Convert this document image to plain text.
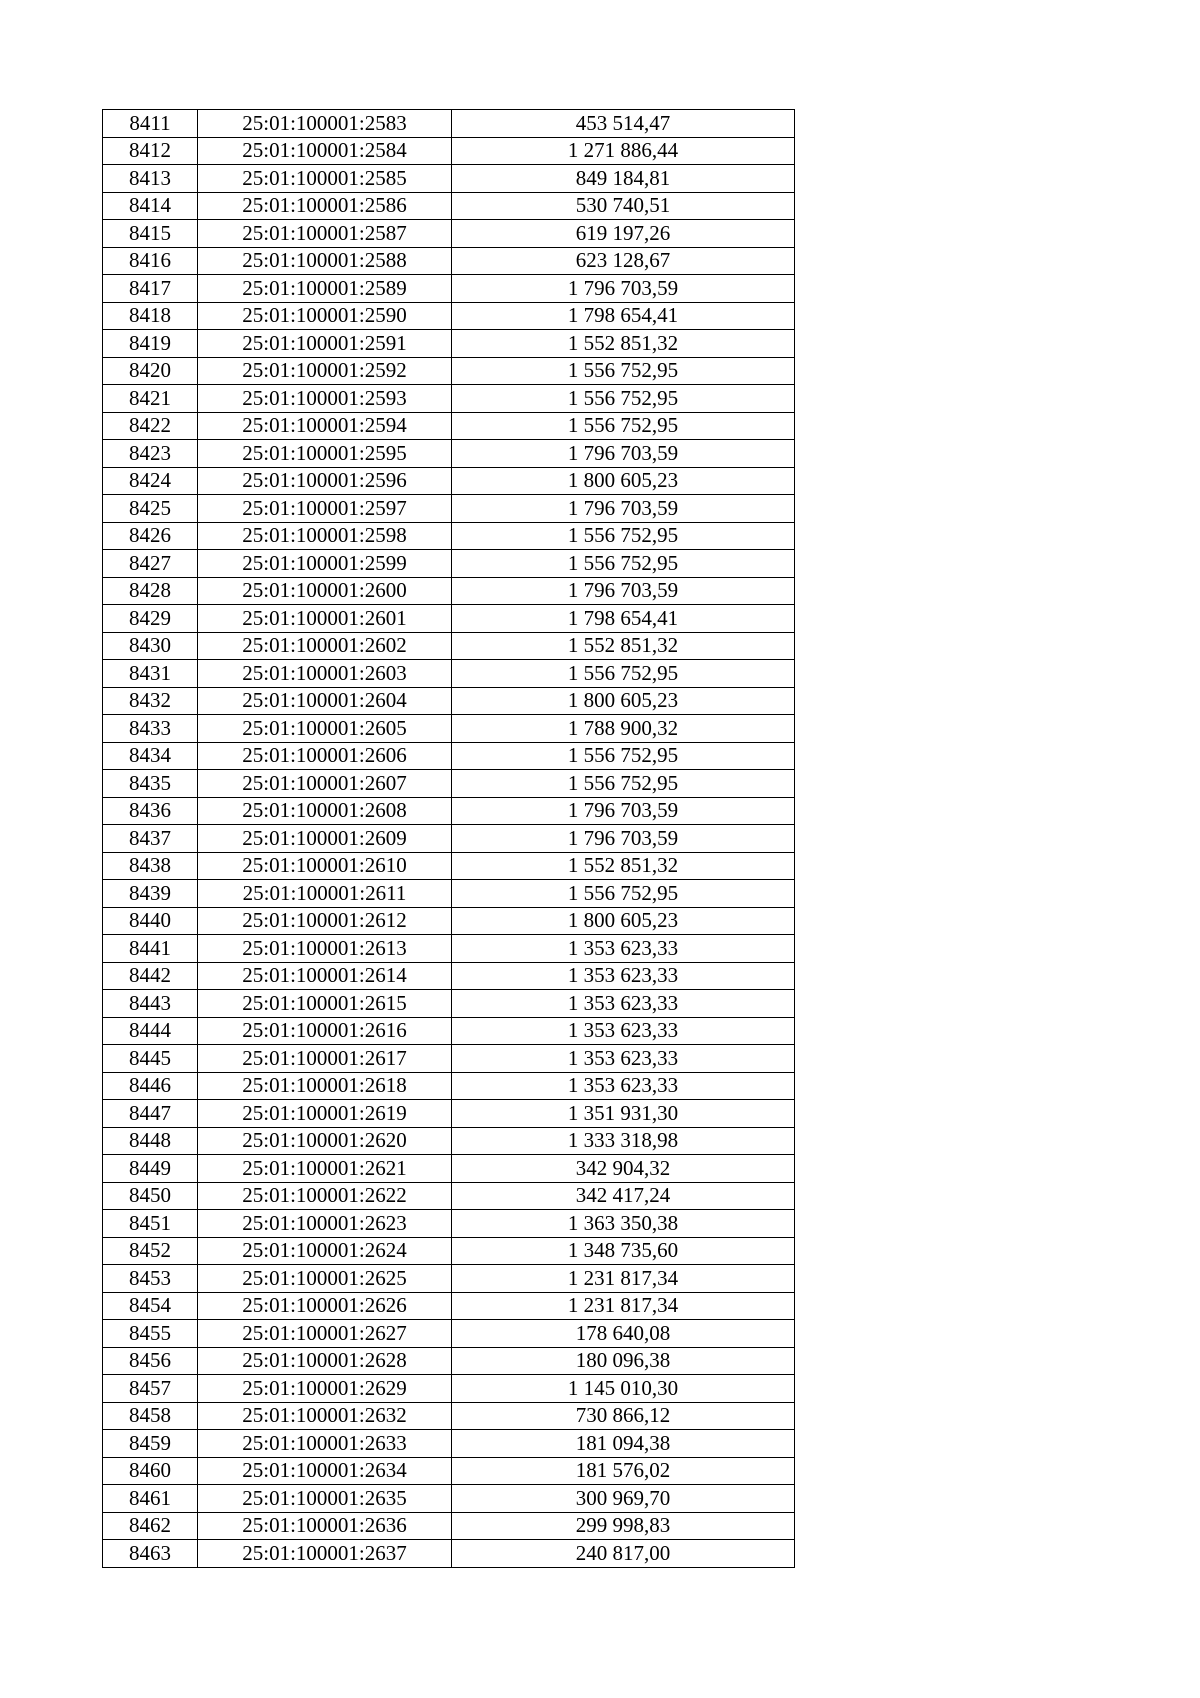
8411	25:01:100001:2583	453 514,47
8412	25:01:100001:2584	1 271 886,44
8413	25:01:100001:2585	849 184,81
8414	25:01:100001:2586	530 740,51
8415	25:01:100001:2587	619 197,26
8416	25:01:100001:2588	623 128,67
8417	25:01:100001:2589	1 796 703,59
8418	25:01:100001:2590	1 798 654,41
8419	25:01:100001:2591	1 552 851,32
8420	25:01:100001:2592	1 556 752,95
8421	25:01:100001:2593	1 556 752,95
8422	25:01:100001:2594	1 556 752,95
8423	25:01:100001:2595	1 796 703,59
8424	25:01:100001:2596	1 800 605,23
8425	25:01:100001:2597	1 796 703,59
8426	25:01:100001:2598	1 556 752,95
8427	25:01:100001:2599	1 556 752,95
8428	25:01:100001:2600	1 796 703,59
8429	25:01:100001:2601	1 798 654,41
8430	25:01:100001:2602	1 552 851,32
8431	25:01:100001:2603	1 556 752,95
8432	25:01:100001:2604	1 800 605,23
8433	25:01:100001:2605	1 788 900,32
8434	25:01:100001:2606	1 556 752,95
8435	25:01:100001:2607	1 556 752,95
8436	25:01:100001:2608	1 796 703,59
8437	25:01:100001:2609	1 796 703,59
8438	25:01:100001:2610	1 552 851,32
8439	25:01:100001:2611	1 556 752,95
8440	25:01:100001:2612	1 800 605,23
8441	25:01:100001:2613	1 353 623,33
8442	25:01:100001:2614	1 353 623,33
8443	25:01:100001:2615	1 353 623,33
8444	25:01:100001:2616	1 353 623,33
8445	25:01:100001:2617	1 353 623,33
8446	25:01:100001:2618	1 353 623,33
8447	25:01:100001:2619	1 351 931,30
8448	25:01:100001:2620	1 333 318,98
8449	25:01:100001:2621	342 904,32
8450	25:01:100001:2622	342 417,24
8451	25:01:100001:2623	1 363 350,38
8452	25:01:100001:2624	1 348 735,60
8453	25:01:100001:2625	1 231 817,34
8454	25:01:100001:2626	1 231 817,34
8455	25:01:100001:2627	178 640,08
8456	25:01:100001:2628	180 096,38
8457	25:01:100001:2629	1 145 010,30
8458	25:01:100001:2632	730 866,12
8459	25:01:100001:2633	181 094,38
8460	25:01:100001:2634	181 576,02
8461	25:01:100001:2635	300 969,70
8462	25:01:100001:2636	299 998,83
8463	25:01:100001:2637	240 817,00
